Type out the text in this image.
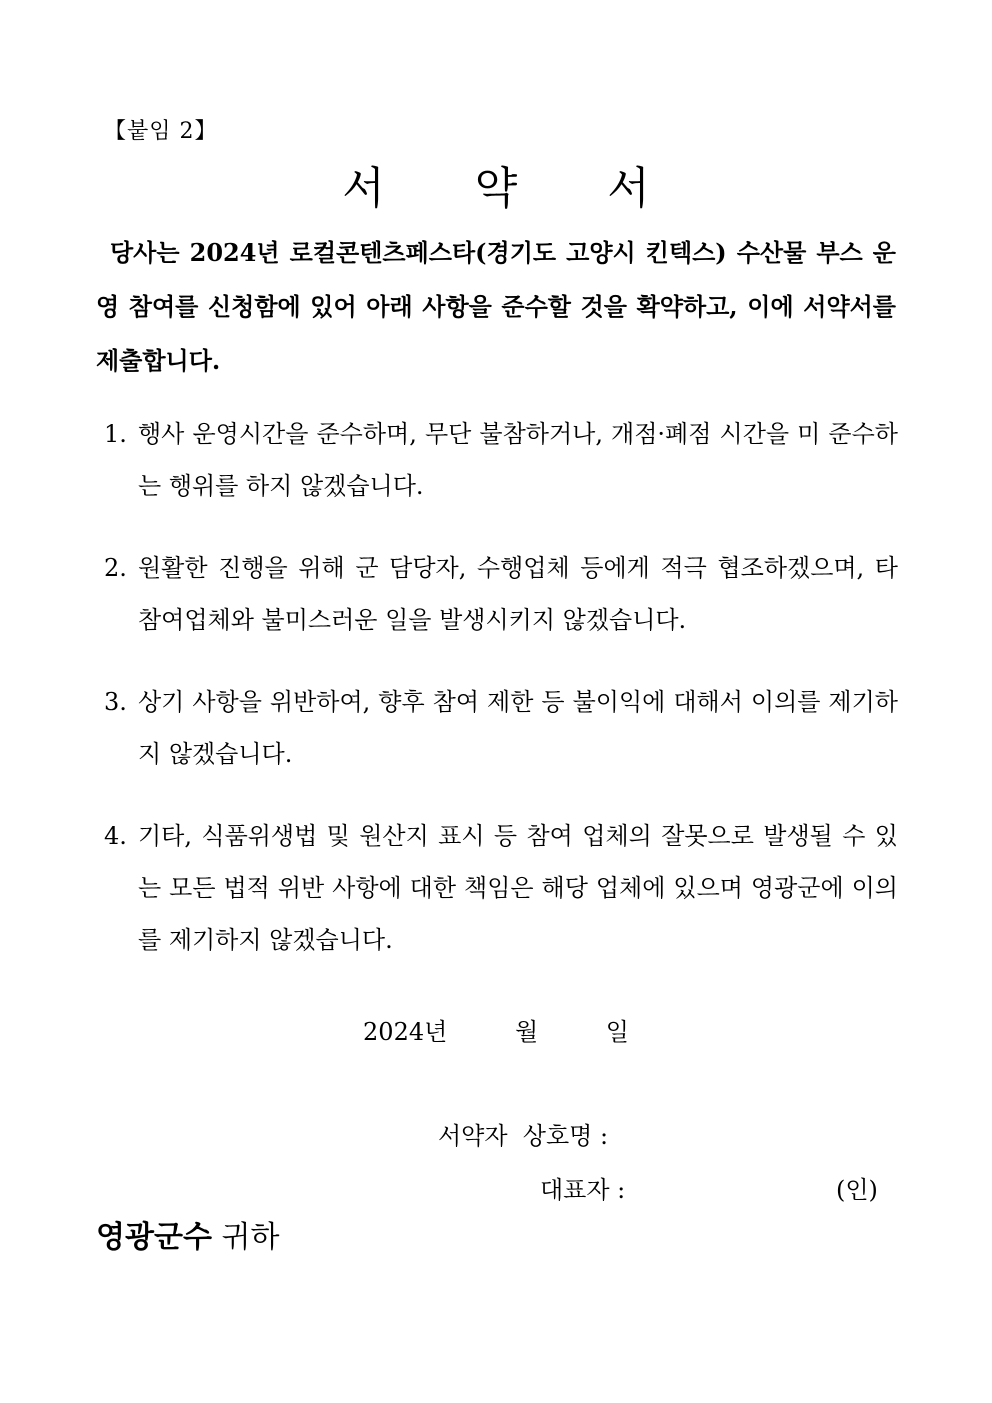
【붙임 2】
서 약 서
당사는 2024년 로컬콘텐츠페스타(경기도 고양시 킨텍스) 수산물 부스 운영 참여를 신청함에 있어 아래 사항을 준수할 것을 확약하고, 이에 서약서를 제출합니다.
1. 행사 운영시간을 준수하며, 무단 불참하거나, 개점·폐점 시간을 미 준수하는 행위를 하지 않겠습니다.
2. 원활한 진행을 위해 군 담당자, 수행업체 등에게 적극 협조하겠으며, 타 참여업체와 불미스러운 일을 발생시키지 않겠습니다.
3. 상기 사항을 위반하여, 향후 참여 제한 등 불이익에 대해서 이의를 제기하지 않겠습니다.
4. 기타, 식품위생법 및 원산지 표시 등 참여 업체의 잘못으로 발생될 수 있는 모든 법적 위반 사항에 대한 책임은 해당 업체에 있으며 영광군에 이의를 제기하지 않겠습니다.
2024년	월	일
서약자  상호명 :
대표자 :	(인)
영광군수 귀하
